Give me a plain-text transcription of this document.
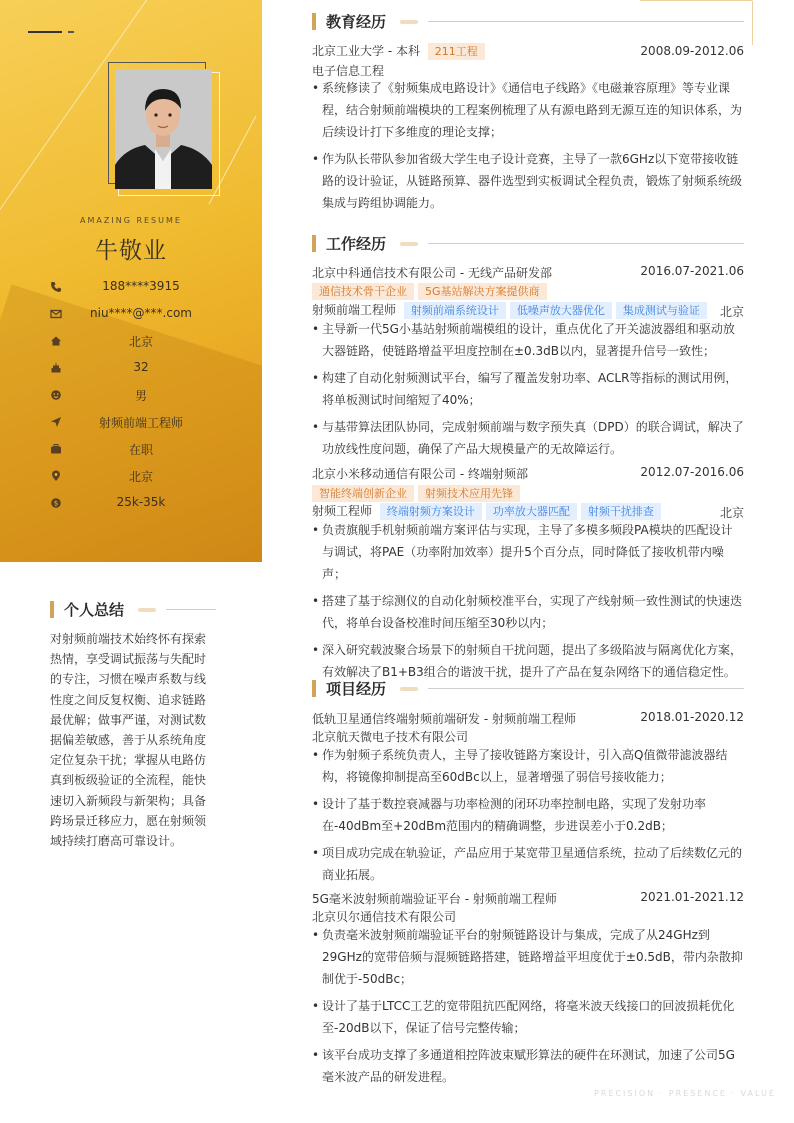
AMAZING RESUME
牛敬业
188****3915
niu****@***.com
北京
32
男
射频前端工程师
在职
北京
$	25k-35k
个人总结
对射频前端技术始终怀有探索热情，享受调试振荡与失配时的专注，习惯在噪声系数与线性度之间反复权衡、追求链路最优解；做事严谨，对测试数据偏差敏感，善于从系统角度定位复杂干扰；掌握从电路仿真到板级验证的全流程，能快速切入新频段与新架构；具备跨场景迁移应力，愿在射频领域持续打磨高可靠设计。
教育经历
北京工业大学 - 本科 211工程	2008.09-2012.06
电子信息工程
• 系统修读了《射频集成电路设计》《通信电子线路》《电磁兼容原理》等专业课程，结合射频前端模块的工程案例梳理了从有源电路到无源互连的知识体系，为后续设计打下多维度的理论支撑；
• 作为队长带队参加省级大学生电子设计竞赛，主导了一款6GHz以下宽带接收链路的设计验证，从链路预算、器件选型到实板调试全程负责，锻炼了射频系统级集成与跨组协调能力。
工作经历
北京中科通信技术有限公司 - 无线产品研发部	2016.07-2021.06
通信技术骨干企业 5G基站解决方案提供商
射频前端工程师 射频前端系统设计 低噪声放大器优化 集成测试与验证 北京
• 主导新一代5G小基站射频前端模组的设计，重点优化了开关滤波器组和驱动放大器链路，使链路增益平坦度控制在±0.3dB以内，显著提升信号一致性；
• 构建了自动化射频测试平台，编写了覆盖发射功率、ACLR等指标的测试用例，将单板测试时间缩短了40%；
• 与基带算法团队协同，完成射频前端与数字预失真（DPD）的联合调试，解决了功放线性度问题，确保了产品大规模量产的无故障运行。
北京小米移动通信有限公司 - 终端射频部	2012.07-2016.06
智能终端创新企业 射频技术应用先锋
射频工程师 终端射频方案设计 功率放大器匹配 射频干扰排查	北京
• 负责旗舰手机射频前端方案评估与实现，主导了多模多频段PA模块的匹配设计与调试，将PAE（功率附加效率）提升5个百分点，同时降低了接收机带内噪声；
• 搭建了基于综测仪的自动化射频校准平台，实现了产线射频一致性测试的快速迭代，将单台设备校准时间压缩至30秒以内；
• 深入研究载波聚合场景下的射频自干扰问题，提出了多级陷波与隔离优化方案，有效解决了B1+B3组合的谐波干扰，提升了产品在复杂网络下的通信稳定性。
项目经历
低轨卫星通信终端射频前端研发 - 射频前端工程师	2018.01-2020.12
北京航天微电子技术有限公司
• 作为射频子系统负责人，主导了接收链路方案设计，引入高Q值微带滤波器结构，将镜像抑制提高至60dBc以上，显著增强了弱信号接收能力；
• 设计了基于数控衰减器与功率检测的闭环功率控制电路，实现了发射功率在-40dBm至+20dBm范围内的精确调整，步进误差小于0.2dB；
• 项目成功完成在轨验证，产品应用于某宽带卫星通信系统，拉动了后续数亿元的商业拓展。
5G毫米波射频前端验证平台 - 射频前端工程师	2021.01-2021.12
北京贝尔通信技术有限公司
• 负责毫米波射频前端验证平台的射频链路设计与集成，完成了从24GHz到29GHz的宽带倍频与混频链路搭建，链路增益平坦度优于±0.5dB，带内杂散抑制优于-50dBc；
• 设计了基于LTCC工艺的宽带阻抗匹配网络，将毫米波天线接口的回波损耗优化至-20dB以下，保证了信号完整传输；
• 该平台成功支撑了多通道相控阵波束赋形算法的硬件在环测试，加速了公司5G毫米波产品的研发进程。
PRECISION · PRESENCE · VALUE
